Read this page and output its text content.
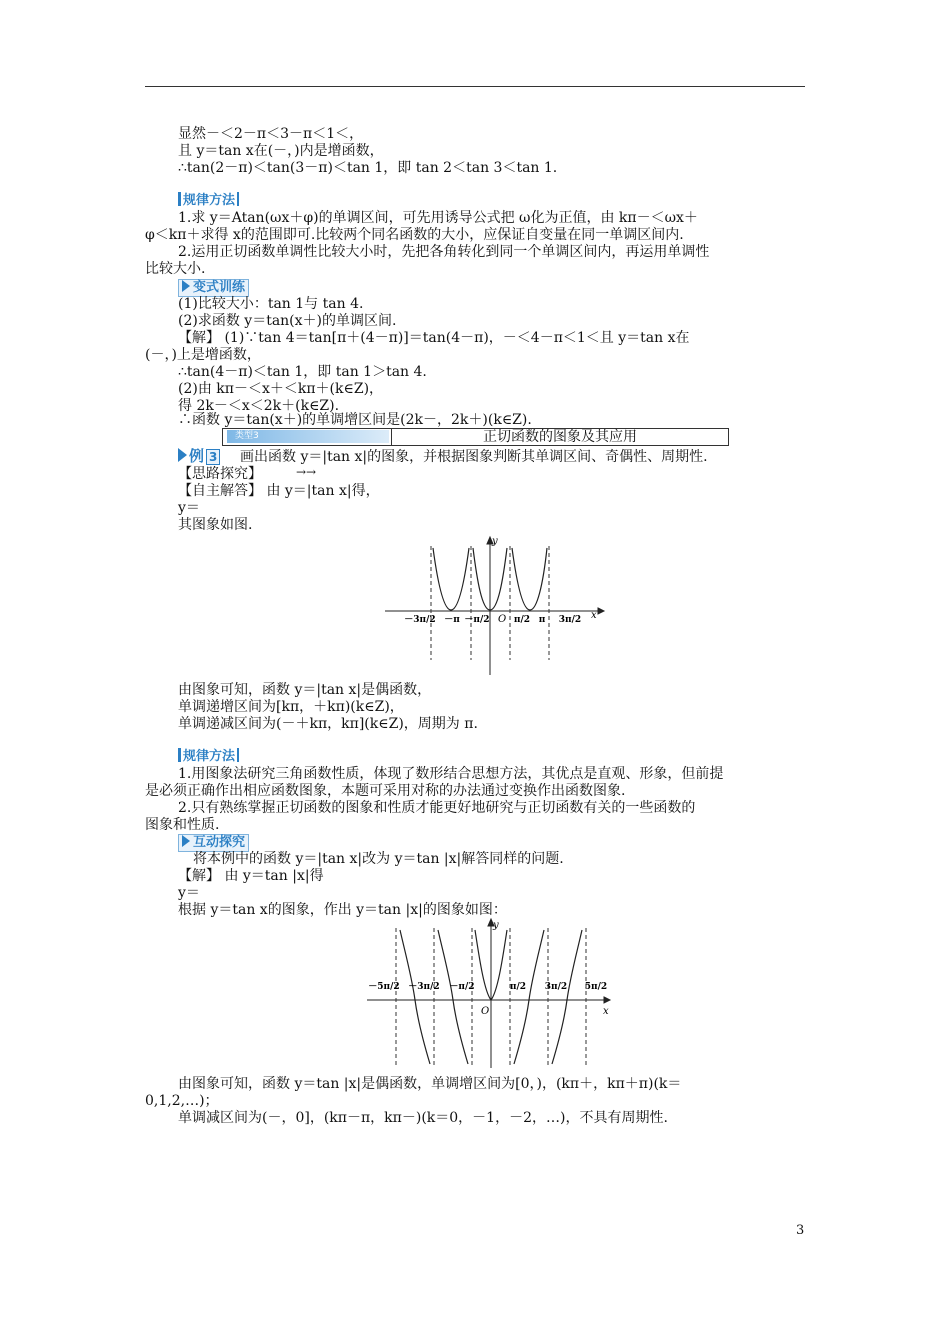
显然－＜2－π＜3－π＜1＜，
且 y＝tan x在(－，)内是增函数，
∴tan(2－π)＜tan(3－π)＜tan 1，即 tan 2＜tan 3＜tan 1.
规律方法
1.求 y＝Atan(ωx＋φ)的单调区间，可先用诱导公式把 ω化为正值，由 kπ－＜ωx＋
φ＜kπ＋求得 x的范围即可.比较两个同名函数的大小，应保证自变量在同一单调区间内.
2.运用正切函数单调性比较大小时，先把各角转化到同一个单调区间内，再运用单调性
比较大小.
变式训练
(1)比较大小：tan 1与 tan 4.
(2)求函数 y＝tan(x＋)的单调区间.
【解】 (1)∵tan 4＝tan[π＋(4－π)]＝tan(4－π)，－＜4－π＜1＜且 y＝tan x在
(－，)上是增函数，
∴tan(4－π)＜tan 1，即 tan 1＞tan 4.
(2)由 kπ－＜x＋＜kπ＋(k∈Z)，
得 2k－＜x＜2k＋(k∈Z).
∴函数 y＝tan(x＋)的单调增区间是(2k－，2k＋)(k∈Z).
类型3	正切函数的图象及其应用
例 3 画出函数 y＝|tan x|的图象，并根据图象判断其单调区间、奇偶性、周期性.
【思路探究】	→→
【自主解答】 由 y＝|tan x|得，
y＝
其图象如图.
y
x
O
－3π/2 －π －π/2	π/2 π 3π/2
由图象可知，函数 y＝|tan x|是偶函数，
单调递增区间为[kπ，＋kπ)(k∈Z)，
单调递减区间为(－＋kπ，kπ](k∈Z)，周期为 π.
规律方法
1.用图象法研究三角函数性质，体现了数形结合思想方法，其优点是直观、形象，但前提
是必须正确作出相应函数图象，本题可采用对称的办法通过变换作出函数图象.
2.只有熟练掌握正切函数的图象和性质才能更好地研究与正切函数有关的一些函数的
图象和性质.
互动探究
将本例中的函数 y＝|tan x|改为 y＝tan |x|解答同样的问题.
【解】 由 y＝tan |x|得
y＝
根据 y＝tan x的图象，作出 y＝tan |x|的图象如图：
y
x
O
－5π/2 －3π/2 －π/2	π/2 3π/2 5π/2
由图象可知，函数 y＝tan |x|是偶函数，单调增区间为[0，)，(kπ＋，kπ＋π)(k＝
0,1,2,…)；
单调减区间为(－，0]，(kπ－π，kπ－)(k＝0，－1，－2，…)，不具有周期性.
3
